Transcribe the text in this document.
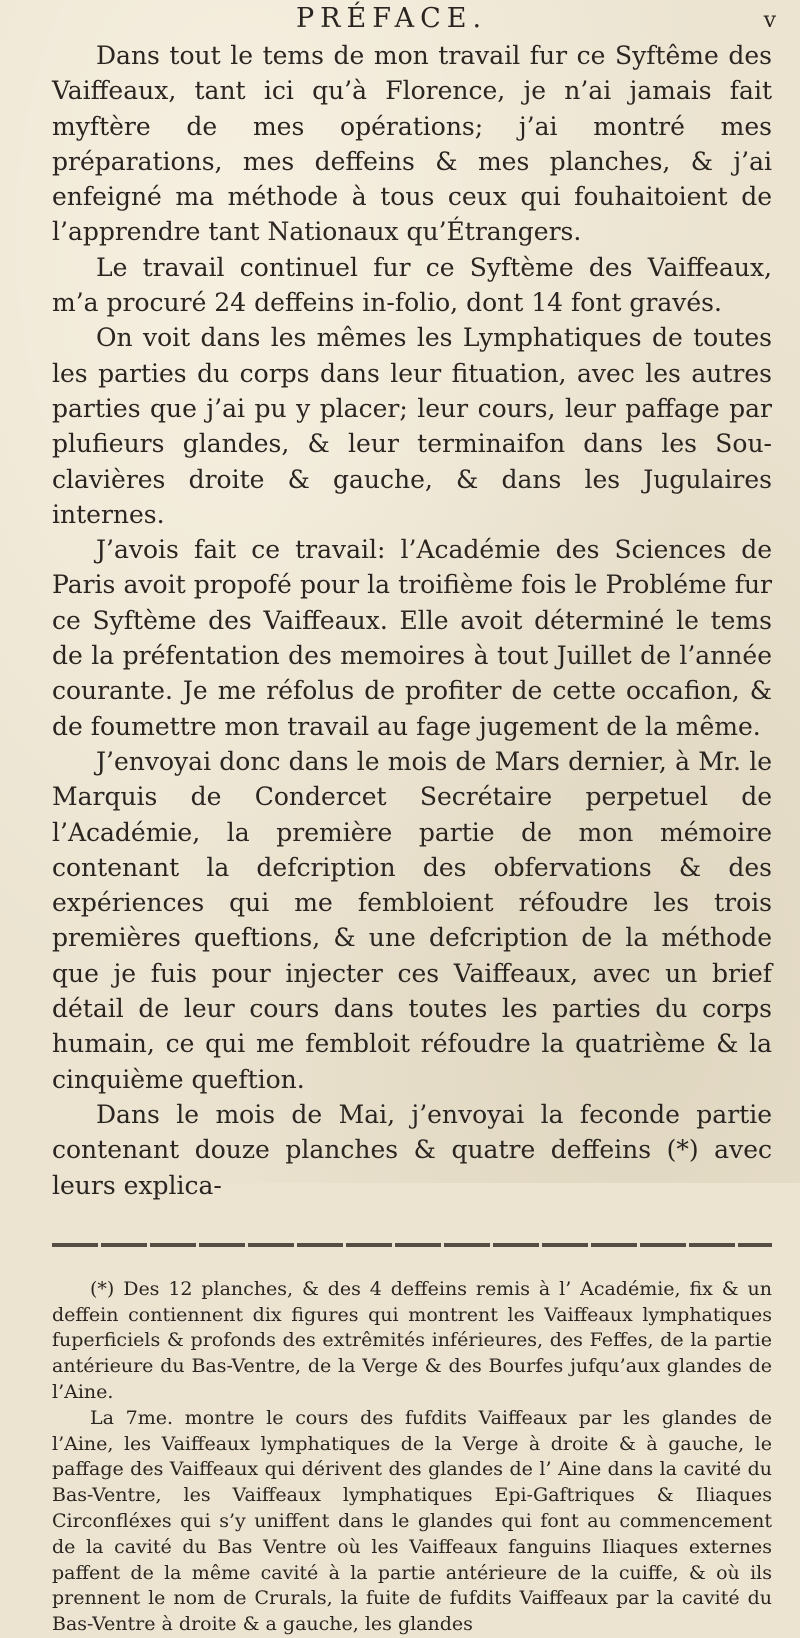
PRÉFACE.	v

Dans tout le tems de mon travail fur ce Syftême des Vaiffeaux, tant ici qu’à Florence, je n’ai jamais fait myftère de mes opérations; j’ai montré mes préparations, mes deffeins & mes planches, & j’ai enfeigné ma méthode à tous ceux qui fouhaitoient de l’apprendre tant Nationaux qu’Étrangers.

Le travail continuel fur ce Syftème des Vaiffeaux, m’a procuré 24 deffeins in-folio, dont 14 font gravés.

On voit dans les mêmes les Lymphatiques de toutes les parties du corps dans leur fituation, avec les autres parties que j’ai pu y placer; leur cours, leur paffage par plufieurs glandes, & leur terminaifon dans les Sou-clavières droite & gauche, & dans les Jugulaires internes.

J’avois fait ce travail: l’Académie des Sciences de Paris avoit propofé pour la troifième fois le Probléme fur ce Syftème des Vaiffeaux. Elle avoit déterminé le tems de la préfentation des memoires à tout Juillet de l’année courante. Je me réfolus de profiter de cette occafion, & de foumettre mon travail au fage jugement de la même.

J’envoyai donc dans le mois de Mars dernier, à Mr. le Marquis de Condercet Secrétaire perpetuel de l’Académie, la première partie de mon mémoire contenant la defcription des obfervations & des expériences qui me fembloient réfoudre les trois premières queftions, & une defcription de la méthode que je fuis pour injecter ces Vaiffeaux, avec un brief détail de leur cours dans toutes les parties du corps humain, ce qui me fembloit réfoudre la quatrième & la cinquième queftion.

Dans le mois de Mai, j’envoyai la feconde partie contenant douze planches & quatre deffeins (*) avec leurs explica-

(*) Des 12 planches, & des 4 deffeins remis à l’ Académie, fix & un deffein contiennent dix figures qui montrent les Vaiffeaux lymphatiques fuperficiels & profonds des extrêmités inférieures, des Feffes, de la partie antérieure du Bas-Ventre, de la Verge & des Bourfes jufqu’aux glandes de l’Aine.

La 7me. montre le cours des fufdits Vaiffeaux par les glandes de l’Aine, les Vaiffeaux lymphatiques de la Verge à droite & à gauche, le paffage des Vaiffeaux qui dérivent des glandes de l’ Aine dans la cavité du Bas-Ventre, les Vaiffeaux lymphatiques Epi-Gaftriques & Iliaques Circonfléxes qui s’y uniffent dans le glandes qui font au commencement de la cavité du Bas Ventre où les Vaiffeaux fanguins Iliaques externes paffent de la même cavité à la partie antérieure de la cuiffe, & où ils prennent le nom de Crurals, la fuite de fufdits Vaiffeaux par la cavité du Bas-Ventre à droite & a gauche, les glandes
